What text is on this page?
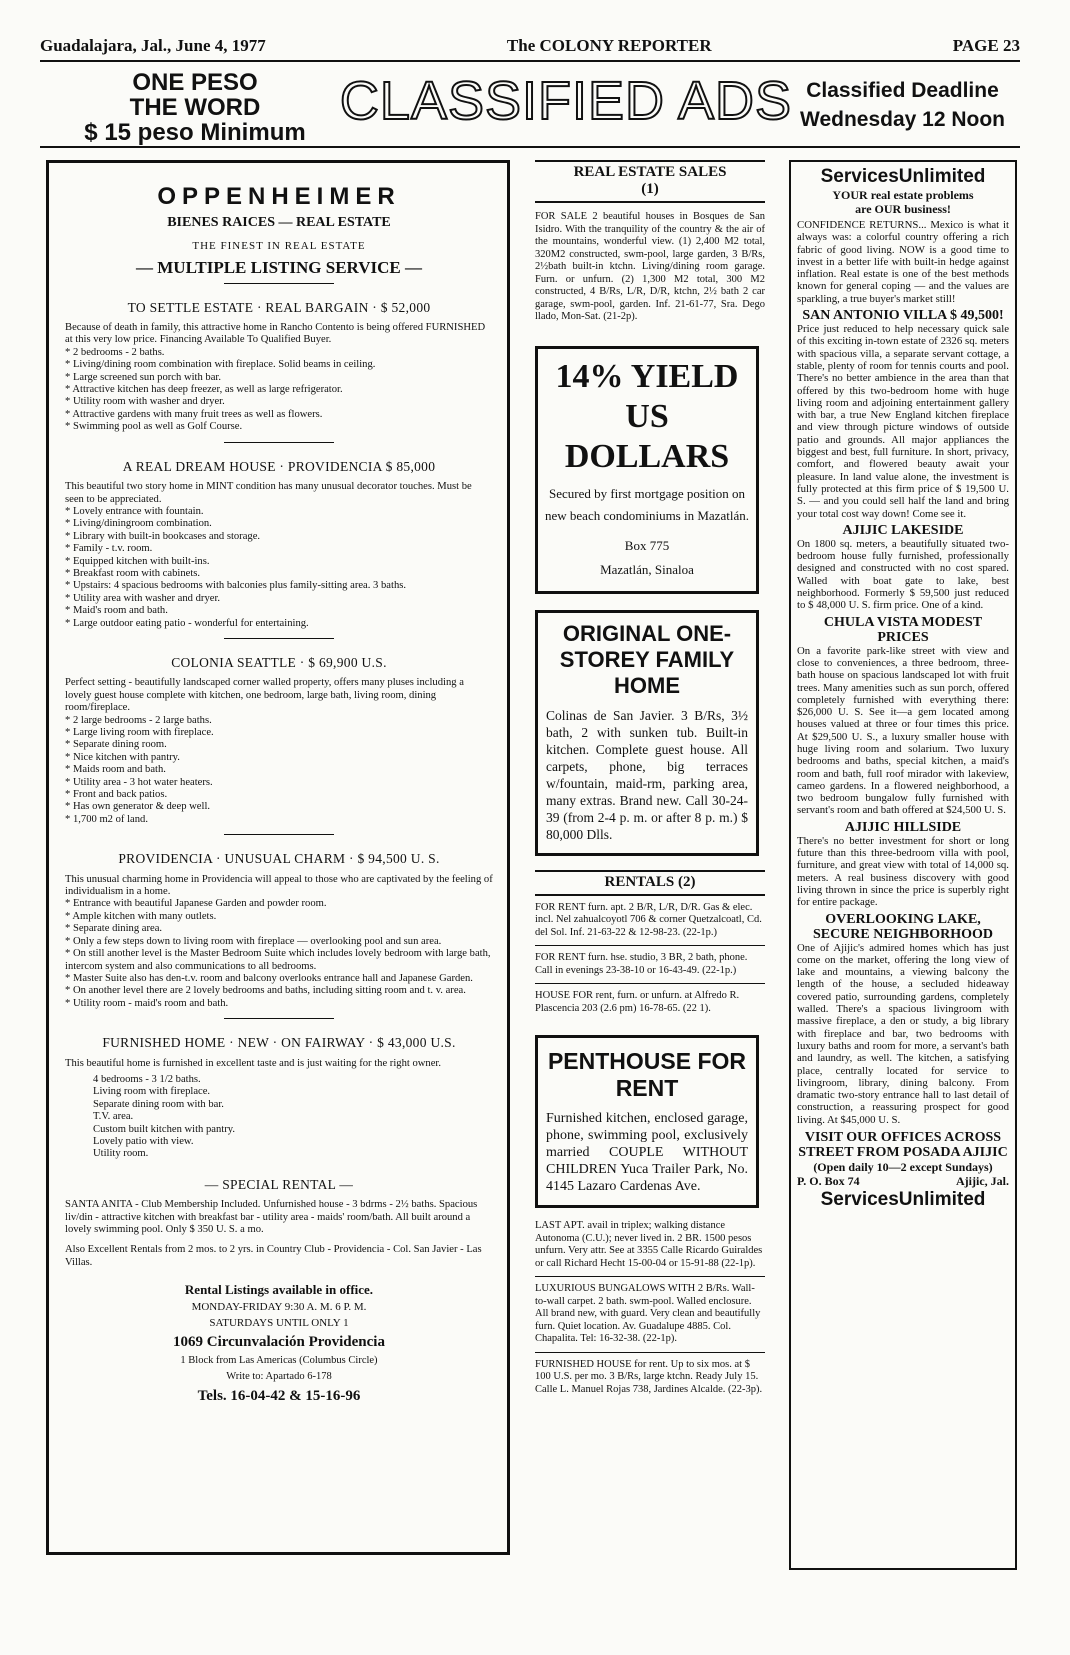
Guadalajara, Jal., June 4, 1977	The COLONY REPORTER	PAGE 23
ONE PESO
THE WORD
$ 15 peso Minimum
CLASSIFIED ADS Classified Deadline
Wednesday 12 Noon
OPPENHEIMER
BIENES RAICES — REAL ESTATE
THE FINEST IN REAL ESTATE
— MULTIPLE LISTING SERVICE —
TO SETTLE ESTATE · REAL BARGAIN · $ 52,000

Because of death in family, this attractive home in Rancho Contento is being offered FURNISHED at this very low price. Financing Available To Qualified Buyer.

* 2 bedrooms - 2 baths.

* Living/dining room combination with fireplace. Solid beams in ceiling.

* Large screened sun porch with bar.

* Attractive kitchen has deep freezer, as well as large refrigerator.

* Utility room with washer and dryer.

* Attractive gardens with many fruit trees as well as flowers.

* Swimming pool as well as Golf Course.

A REAL DREAM HOUSE · PROVIDENCIA $ 85,000

This beautiful two story home in MINT condition has many unusual decorator touches. Must be seen to be appreciated.

* Lovely entrance with fountain.

* Living/diningroom combination.

* Library with built-in bookcases and storage.

* Family - t.v. room.

* Equipped kitchen with built-ins.

* Breakfast room with cabinets.

* Upstairs: 4 spacious bedrooms with balconies plus family-sitting area. 3 baths.

* Utility area with washer and dryer.

* Maid's room and bath.

* Large outdoor eating patio - wonderful for entertaining.

COLONIA SEATTLE · $ 69,900 U.S.

Perfect setting - beautifully landscaped corner walled property, offers many pluses including a lovely guest house complete with kitchen, one bedroom, large bath, living room, dining room/fireplace.

* 2 large bedrooms - 2 large baths.

* Large living room with fireplace.

* Separate dining room.

* Nice kitchen with pantry.

* Maids room and bath.

* Utility area - 3 hot water heaters.

* Front and back patios.

* Has own generator & deep well.

* 1,700 m2 of land.

PROVIDENCIA · UNUSUAL CHARM · $ 94,500 U. S.

This unusual charming home in Providencia will appeal to those who are captivated by the feeling of individualism in a home.

* Entrance with beautiful Japanese Garden and powder room.

* Ample kitchen with many outlets.

* Separate dining area.

* Only a few steps down to living room with fireplace — overlooking pool and sun area.

* On still another level is the Master Bedroom Suite which includes lovely bedroom with large bath, intercom system and also communications to all bedrooms.

* Master Suite also has den-t.v. room and balcony overlooks entrance hall and Japanese Garden.

* On another level there are 2 lovely bedrooms and baths, including sitting room and t. v. area.

* Utility room - maid's room and bath.

FURNISHED HOME · NEW · ON FAIRWAY · $ 43,000 U.S.

This beautiful home is furnished in excellent taste and is just waiting for the right owner.

4 bedrooms - 3 1/2 baths.

Living room with fireplace.

Separate dining room with bar.

T.V. area.

Custom built kitchen with pantry.

Lovely patio with view.

Utility room.

— SPECIAL RENTAL —

SANTA ANITA - Club Membership Included. Unfurnished house - 3 bdrms - 2½ baths. Spacious liv/din - attractive kitchen with breakfast bar - utility area - maids' room/bath. All built around a lovely swimming pool. Only $ 350 U. S. a mo.

Also Excellent Rentals from 2 mos. to 2 yrs. in Country Club - Providencia - Col. San Javier - Las Villas.

Rental Listings available in office.
MONDAY-FRIDAY 9:30 A. M. 6 P. M.
SATURDAYS UNTIL ONLY 1
1069 Circunvalación Providencia
1 Block from Las Americas (Columbus Circle)
Write to: Apartado 6-178
Tels. 16-04-42 & 15-16-96
REAL ESTATE SALES
(1)

FOR SALE 2 beautiful houses in Bosques de San Isidro. With the tranquility of the country & the air of the mountains, wonderful view. (1) 2,400 M2 total, 320M2 constructed, swm-pool, large garden, 3 B/Rs, 2½bath built-in ktchn. Living/dining room garage. Furn. or unfurn. (2) 1,300 M2 total, 300 M2 constructed, 4 B/Rs, L/R, D/R, ktchn, 2½ bath 2 car garage, swm-pool, garden. Inf. 21-61-77, Sra. Dego llado, Mon-Sat. (21-2p).

14% YIELD
US DOLLARS
Secured by first mortgage position on new beach condominiums in Mazatlán.
Box 775
Mazatlán, Sinaloa
ORIGINAL ONE-STOREY FAMILY HOME
Colinas de San Javier. 3 B/Rs, 3½ bath, 2 with sunken tub. Built-in kitchen. Complete guest house. All carpets, phone, big terraces w/fountain, maid-rm, parking area, many extras. Brand new. Call 30-24-39 (from 2-4 p. m. or after 8 p. m.) $ 80,000 Dlls.
RENTALS (2)

FOR RENT furn. apt. 2 B/R, L/R, D/R. Gas & elec. incl. Nel zahualcoyotl 706 & corner Quetzalcoatl, Cd. del Sol. Inf. 21-63-22 & 12-98-23. (22-1p.)

FOR RENT furn. hse. studio, 3 BR, 2 bath, phone. Call in evenings 23-38-10 or 16-43-49. (22-1p.)

HOUSE FOR rent, furn. or unfurn. at Alfredo R. Plascencia 203 (2.6 pm) 16-78-65. (22 1).

PENTHOUSE FOR RENT
Furnished kitchen, enclosed garage, phone, swimming pool, exclusively married COUPLE WITHOUT CHILDREN Yuca Trailer Park, No. 4145 Lazaro Cardenas Ave.

LAST APT. avail in triplex; walking distance Autonoma (C.U.); never lived in. 2 BR. 1500 pesos unfurn. Very attr. See at 3355 Calle Ricardo Guiraldes or call Richard Hecht 15-00-04 or 15-91-88 (22-1p).

LUXURIOUS BUNGALOWS WITH 2 B/Rs. Wall-to-wall carpet. 2 bath. swm-pool. Walled enclosure. All brand new, with guard. Very clean and beautifully furn. Quiet location. Av. Guadalupe 4885. Col. Chapalita. Tel: 16-32-38. (22-1p).

FURNISHED HOUSE for rent. Up to six mos. at $ 100 U.S. per mo. 3 B/Rs, large ktchn. Ready July 15. Calle L. Manuel Rojas 738, Jardines Alcalde. (22-3p).

ServicesUnlimited
YOUR real estate problems
are OUR business!

CONFIDENCE RETURNS... Mexico is what it always was: a colorful country offering a rich fabric of good living. NOW is a good time to invest in a better life with built-in hedge against inflation. Real estate is one of the best methods known for general coping — and the values are sparkling, a true buyer's market still!

SAN ANTONIO VILLA $ 49,500!

Price just reduced to help necessary quick sale of this exciting in-town estate of 2326 sq. meters with spacious villa, a separate servant cottage, a stable, plenty of room for tennis courts and pool. There's no better ambience in the area than that offered by this two-bedroom home with huge living room and adjoining entertainment gallery with bar, a true New England kitchen fireplace and view through picture windows of outside patio and grounds. All major appliances the biggest and best, full furniture. In short, privacy, comfort, and flowered beauty await your pleasure. In land value alone, the investment is fully protected at this firm price of $ 19,500 U. S. — and you could sell half the land and bring your total cost way down! Come see it.

AJIJIC LAKESIDE

On 1800 sq. meters, a beautifully situated two-bedroom house fully furnished, professionally designed and constructed with no cost spared. Walled with boat gate to lake, best neighborhood. Formerly $ 59,500 just reduced to $ 48,000 U. S. firm price. One of a kind.

CHULA VISTA MODEST PRICES

On a favorite park-like street with view and close to conveniences, a three bedroom, three-bath house on spacious landscaped lot with fruit trees. Many amenities such as sun porch, offered completely furnished with everything there: $26,000 U. S. See it—a gem located among houses valued at three or four times this price. At $29,500 U. S., a luxury smaller house with huge living room and solarium. Two luxury bedrooms and baths, special kitchen, a maid's room and bath, full roof mirador with lakeview, cameo gardens. In a flowered neighborhood, a two bedroom bungalow fully furnished with servant's room and bath offered at $24,500 U. S.

AJIJIC HILLSIDE

There's no better investment for short or long future than this three-bedroom villa with pool, furniture, and great view with total of 14,000 sq. meters. A real business discovery with good living thrown in since the price is superbly right for entire package.

OVERLOOKING LAKE, SECURE NEIGHBORHOOD

One of Ajijic's admired homes which has just come on the market, offering the long view of lake and mountains, a viewing balcony the length of the house, a secluded hideaway covered patio, surrounding gardens, completely walled. There's a spacious livingroom with massive fireplace, a den or study, a big library with fireplace and bar, two bedrooms with luxury baths and room for more, a servant's bath and laundry, as well. The kitchen, a satisfying place, centrally located for service to livingroom, library, dining balcony. From dramatic two-story entrance hall to last detail of construction, a reassuring prospect for good living. At $45,000 U. S.

VISIT OUR OFFICES ACROSS STREET FROM POSADA AJIJIC
(Open daily 10—2 except Sundays)
P. O. Box 74	Ajijic, Jal.
ServicesUnlimited
